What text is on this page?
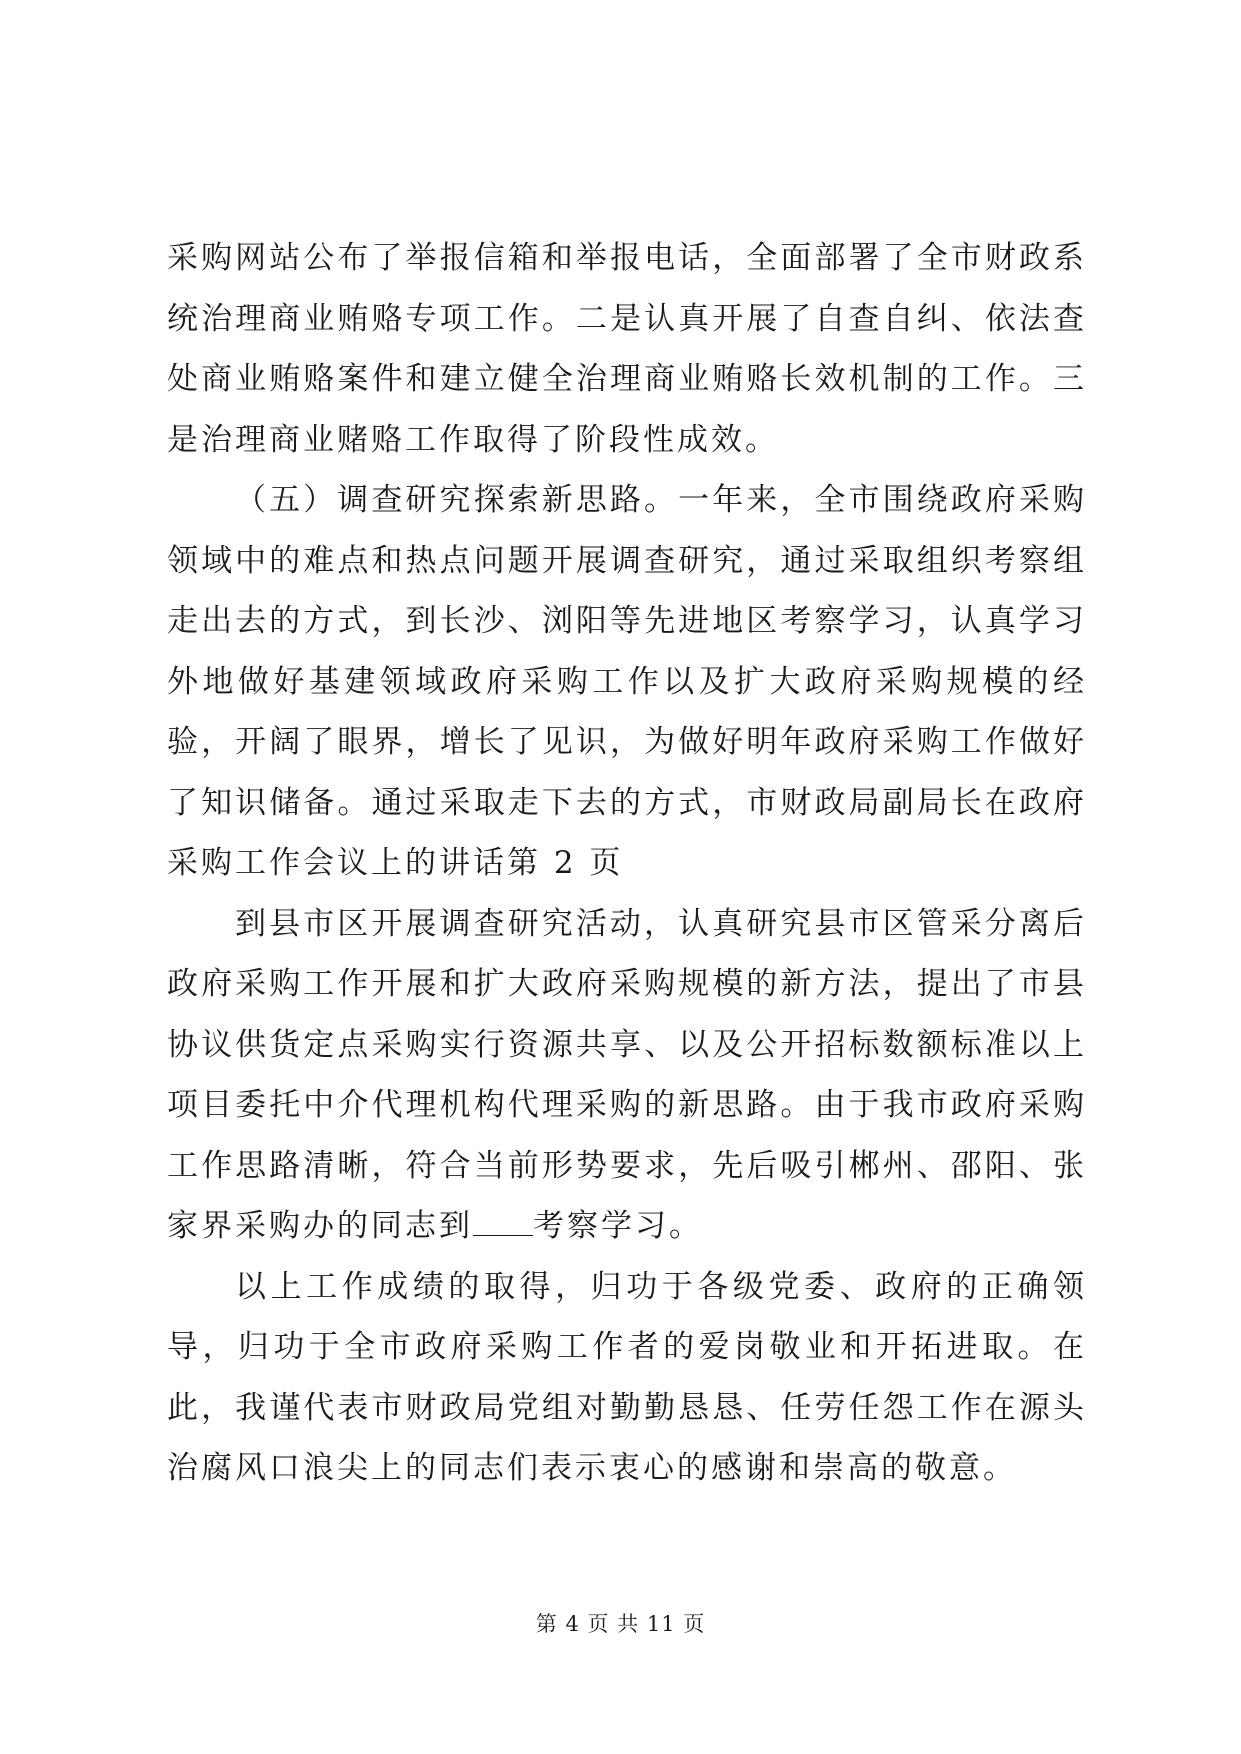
采购网站公布了举报信箱和举报电话，全面部署了全市财政系统治理商业贿赂专项工作。二是认真开展了自查自纠、依法查处商业贿赂案件和建立健全治理商业贿赂长效机制的工作。三是治理商业赌赂工作取得了阶段性成效。

（五）调查研究探索新思路。一年来，全市围绕政府采购领域中的难点和热点问题开展调查研究，通过采取组织考察组走出去的方式，到长沙、浏阳等先进地区考察学习，认真学习外地做好基建领域政府采购工作以及扩大政府采购规模的经验，开阔了眼界，增长了见识，为做好明年政府采购工作做好了知识储备。通过采取走下去的方式，市财政局副局长在政府采购工作会议上的讲话第 2 页

到县市区开展调查研究活动，认真研究县市区管采分离后政府采购工作开展和扩大政府采购规模的新方法，提出了市县协议供货定点采购实行资源共享、以及公开招标数额标准以上项目委托中介代理机构代理采购的新思路。由于我市政府采购工作思路清晰，符合当前形势要求，先后吸引郴州、邵阳、张家界采购办的同志到 考察学习。

以上工作成绩的取得，归功于各级党委、政府的正确领导，归功于全市政府采购工作者的爱岗敬业和开拓进取。在此，我谨代表市财政局党组对勤勤恳恳、任劳任怨工作在源头治腐风口浪尖上的同志们表示衷心的感谢和崇高的敬意。

第 4 页 共 11 页
